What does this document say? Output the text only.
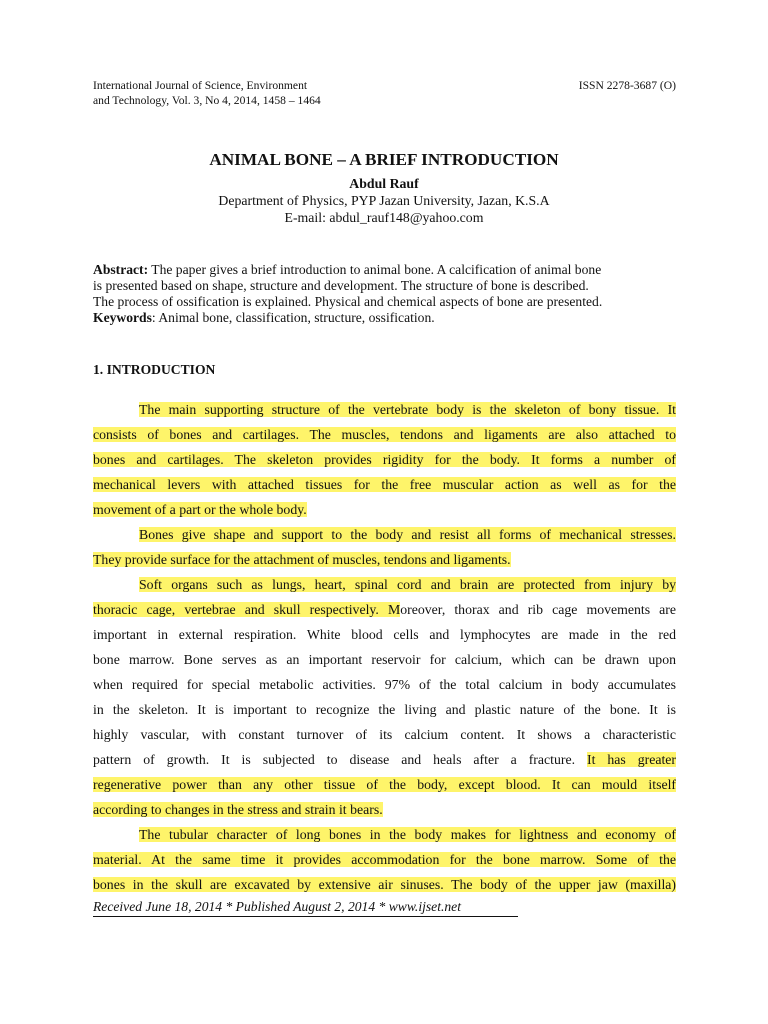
International Journal of Science, Environment
and Technology, Vol. 3, No 4, 2014, 1458 – 1464
ISSN 2278-3687 (O)
ANIMAL BONE – A BRIEF INTRODUCTION
Abdul Rauf
Department of Physics, PYP Jazan University, Jazan, K.S.A
E-mail: abdul_rauf148@yahoo.com
Abstract: The paper gives a brief introduction to animal bone. A calcification of animal bone
is presented based on shape, structure and development. The structure of bone is described.
The process of ossification is explained. Physical and chemical aspects of bone are presented.
Keywords: Animal bone, classification, structure, ossification.
1. INTRODUCTION
The main supporting structure of the vertebrate body is the skeleton of bony tissue. It
consists of bones and cartilages. The muscles, tendons and ligaments are also attached to
bones and cartilages. The skeleton provides rigidity for the body. It forms a number of
mechanical levers with attached tissues for the free muscular action as well as for the
movement of a part or the whole body.
Bones give shape and support to the body and resist all forms of mechanical stresses.
They provide surface for the attachment of muscles, tendons and ligaments.
Soft organs such as lungs, heart, spinal cord and brain are protected from injury by
thoracic cage, vertebrae and skull respectively. Moreover, thorax and rib cage movements are
important in external respiration. White blood cells and lymphocytes are made in the red
bone marrow. Bone serves as an important reservoir for calcium, which can be drawn upon
when required for special metabolic activities. 97% of the total calcium in body accumulates
in the skeleton. It is important to recognize the living and plastic nature of the bone. It is
highly vascular, with constant turnover of its calcium content. It shows a characteristic
pattern of growth. It is subjected to disease and heals after a fracture. It has greater
regenerative power than any other tissue of the body, except blood. It can mould itself
according to changes in the stress and strain it bears.
The tubular character of long bones in the body makes for lightness and economy of
material. At the same time it provides accommodation for the bone marrow. Some of the
bones in the skull are excavated by extensive air sinuses. The body of the upper jaw (maxilla)
Received June 18, 2014 * Published August 2, 2014 * www.ijset.net
